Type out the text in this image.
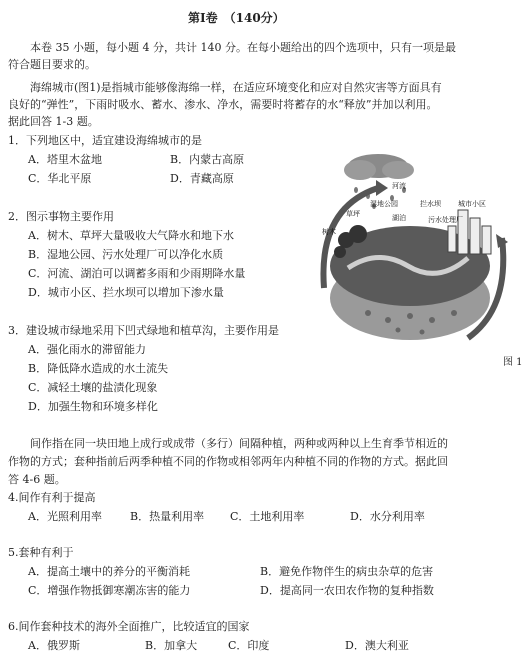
第Ⅰ卷　（140分）
本卷 35 小题，每小题 4 分，共计 140 分。在每小题给出的四个选项中，只有一项是最
符合题目要求的。
海绵城市(图1)是指城市能够像海绵一样，在适应环境变化和应对自然灾害等方面具有
良好的“弹性”，下雨时吸水、蓄水、渗水、净水，需要时将蓄存的水“释放”并加以利用。
据此回答 1-3 题。
1．下列地区中，适宜建设海绵城市的是
A．塔里木盆地	B．内蒙古高原
C．华北平原	D．青藏高原
2．图示事物主要作用
A．树木、草坪大量吸收大气降水和地下水
B．湿地公园、污水处理厂可以净化水质
C．河流、湖泊可以调蓄多雨和少雨期降水量
D．城市小区、拦水坝可以增加下渗水量
3．建设城市绿地采用下凹式绿地和植草沟，主要作用是
A．强化雨水的滞留能力
B．降低降水造成的水土流失
C．减轻土壤的盐渍化现象
D．加强生物和环境多样化
河流
湿地公园
草坪	湖泊
拦水坝 城市小区
树木
污水处理厂
图 1
间作指在同一块田地上成行或成带（多行）间隔种植，两种或两种以上生育季节相近的
作物的方式；套种指前后两季种植不同的作物或相邻两年内种植不同的作物的方式。据此回
答 4-6 题。
4.间作有利于提高
A．光照利用率	B．热量利用率 C．土地利用率	D．水分利用率
5.套种有利于
A．提高土壤中的养分的平衡消耗	B．避免作物伴生的病虫杂草的危害
C．增强作物抵御寒潮冻害的能力	D．提高同一农田农作物的复种指数
6.间作套种技术的海外全面推广，比较适宜的国家
A．俄罗斯	B．加拿大	C．印度	D．澳大利亚
